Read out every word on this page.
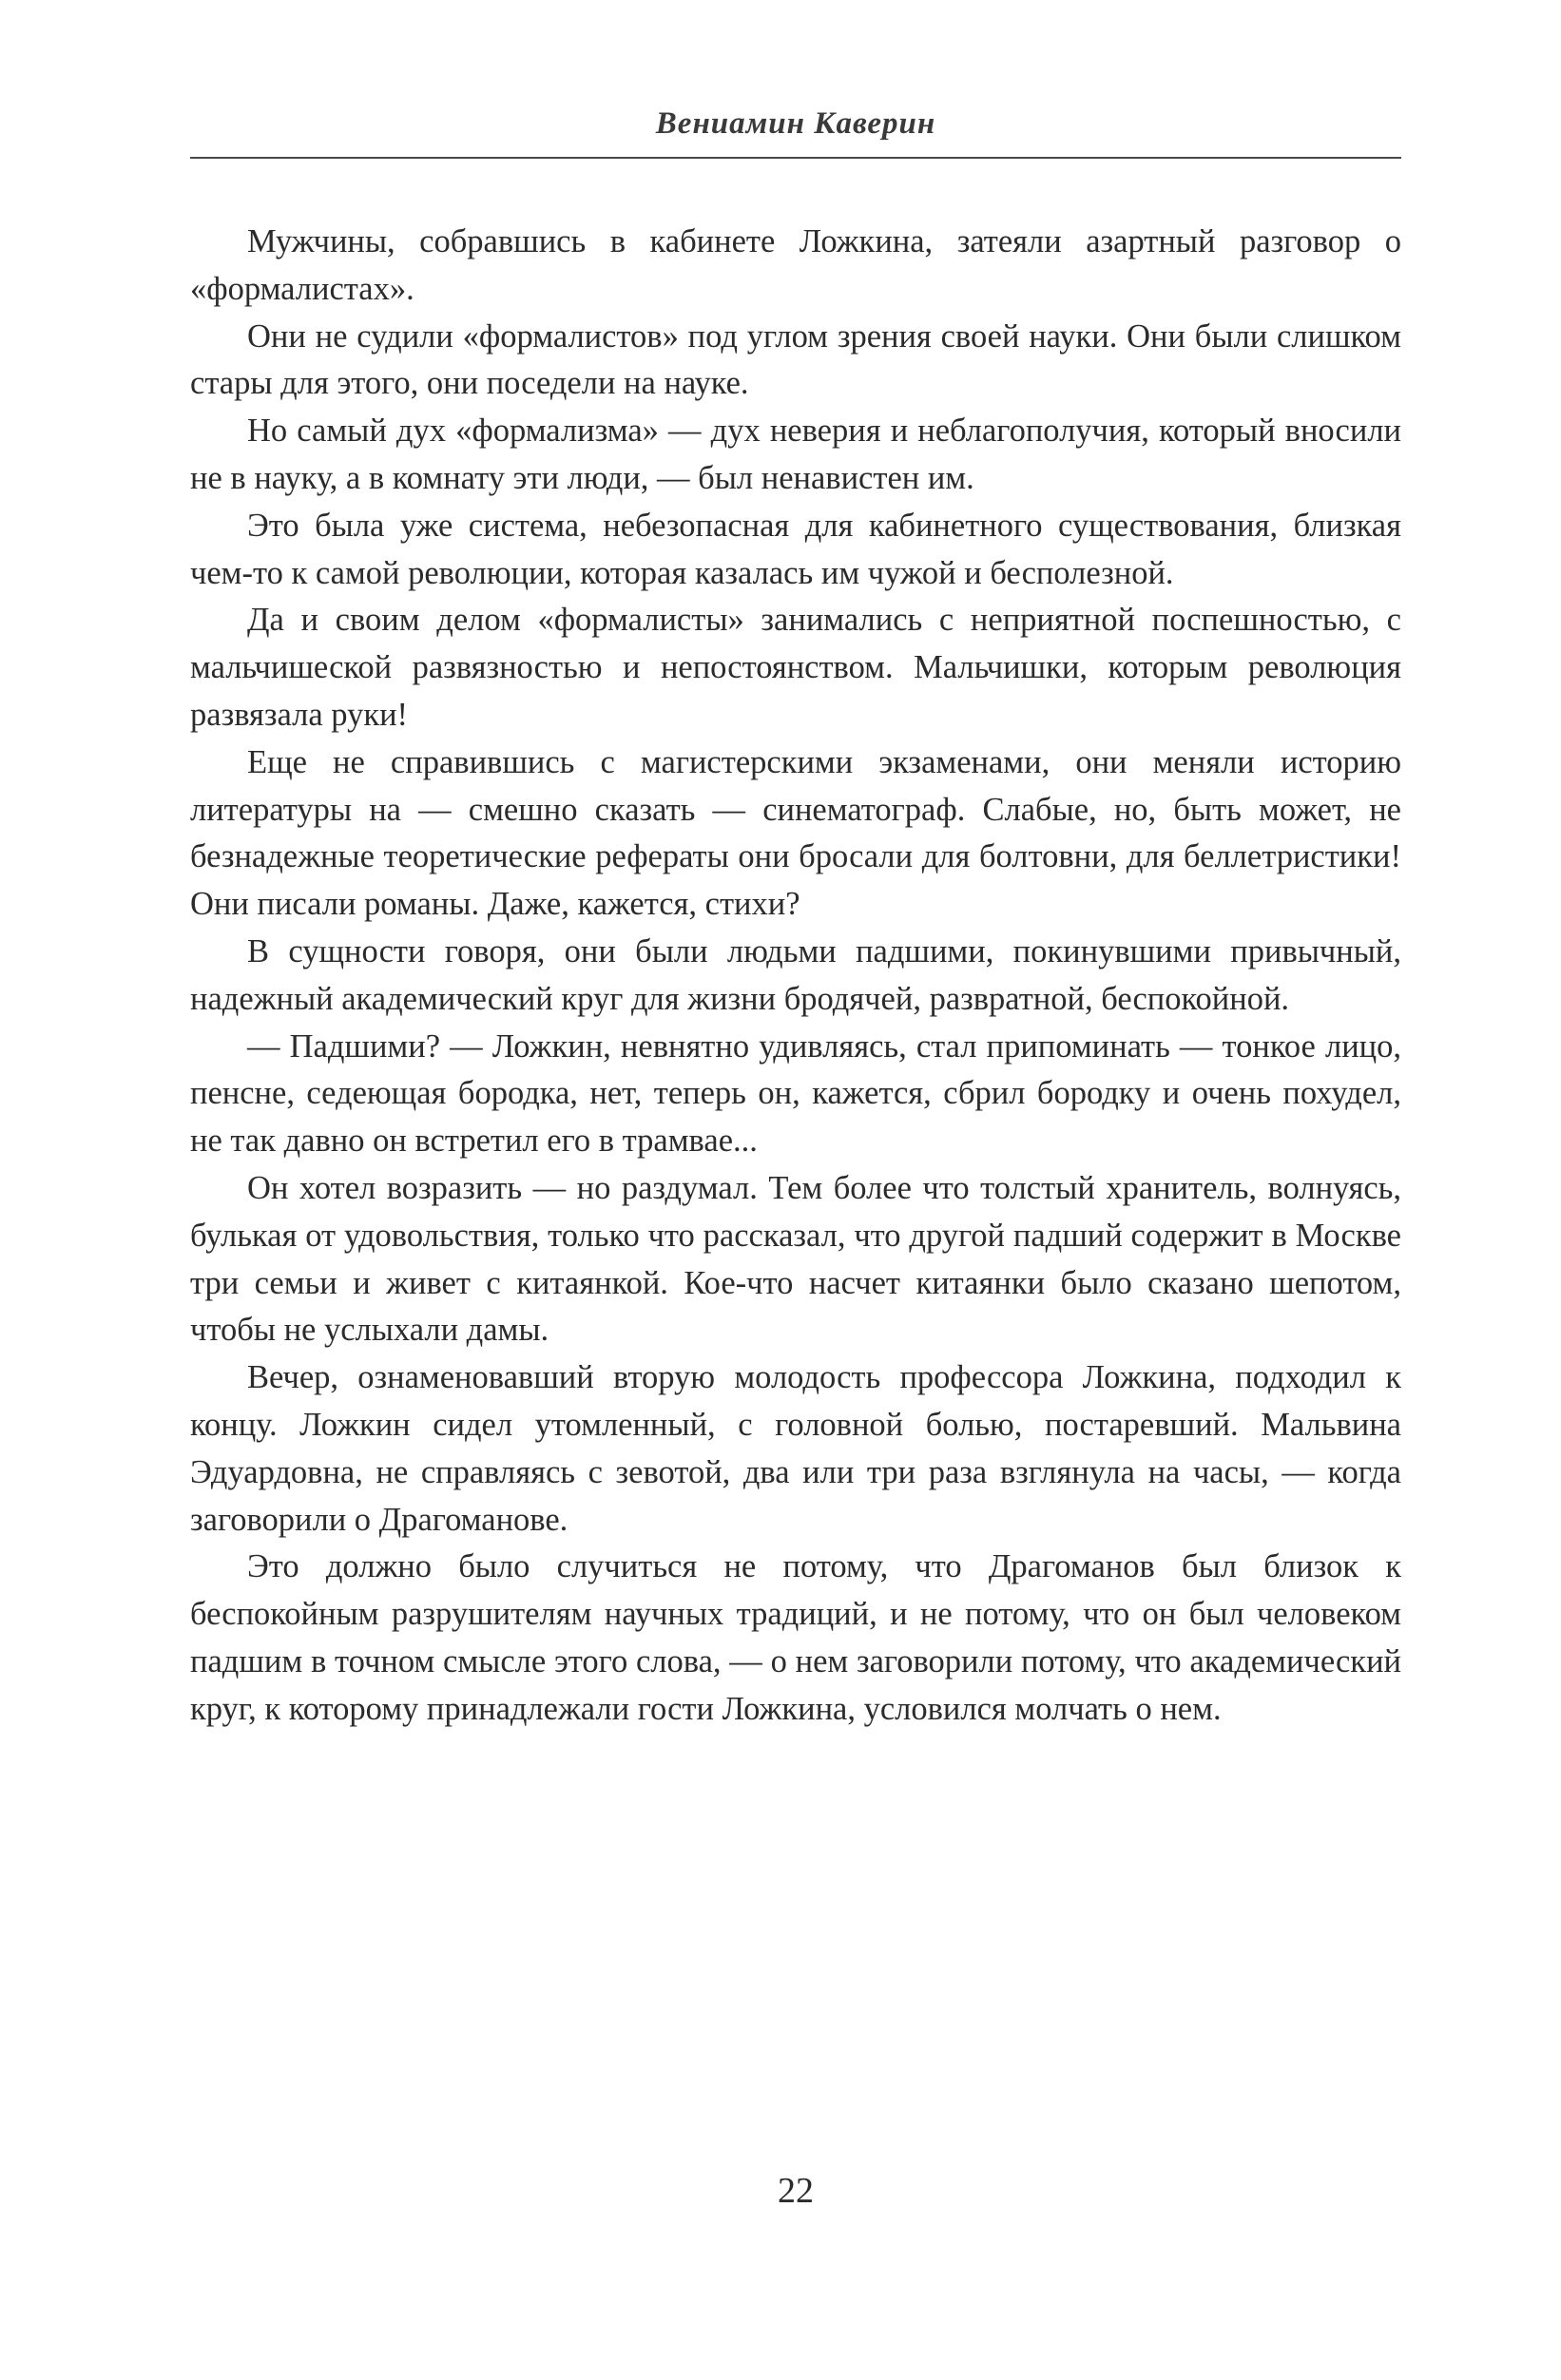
Вениамин Каверин

Мужчины, собравшись в кабинете Ложкина, затеяли азартный разговор о «формалистах».

Они не судили «формалистов» под углом зрения своей науки. Они были слишком стары для этого, они поседели на науке.

Но самый дух «формализма» — дух неверия и неблагополучия, который вносили не в науку, а в комнату эти люди, — был ненавистен им.

Это была уже система, небезопасная для кабинетного существования, близкая чем-то к самой революции, которая казалась им чужой и бесполезной.

Да и своим делом «формалисты» занимались с неприятной поспешностью, с мальчишеской развязностью и непостоянством. Мальчишки, которым революция развязала руки!

Еще не справившись с магистерскими экзаменами, они меняли историю литературы на — смешно сказать — синематограф. Слабые, но, быть может, не безнадежные теоретические рефераты они бросали для болтовни, для беллетристики! Они писали романы. Даже, кажется, стихи?

В сущности говоря, они были людьми падшими, покинувшими привычный, надежный академический круг для жизни бродячей, развратной, беспокойной.

— Падшими? — Ложкин, невнятно удивляясь, стал припоминать — тонкое лицо, пенсне, седеющая бородка, нет, теперь он, кажется, сбрил бородку и очень похудел, не так давно он встретил его в трамвае...

Он хотел возразить — но раздумал. Тем более что толстый хранитель, волнуясь, булькая от удовольствия, только что рассказал, что другой падший содержит в Москве три семьи и живет с китаянкой. Кое-что насчет китаянки было сказано шепотом, чтобы не услыхали дамы.

Вечер, ознаменовавший вторую молодость профессора Ложкина, подходил к концу. Ложкин сидел утомленный, с головной болью, постаревший. Мальвина Эдуардовна, не справляясь с зевотой, два или три раза взглянула на часы, — когда заговорили о Драгоманове.

Это должно было случиться не потому, что Драгоманов был близок к беспокойным разрушителям научных традиций, и не потому, что он был человеком падшим в точном смысле этого слова, — о нем заговорили потому, что академический круг, к которому принадлежали гости Ложкина, условился молчать о нем.

22
